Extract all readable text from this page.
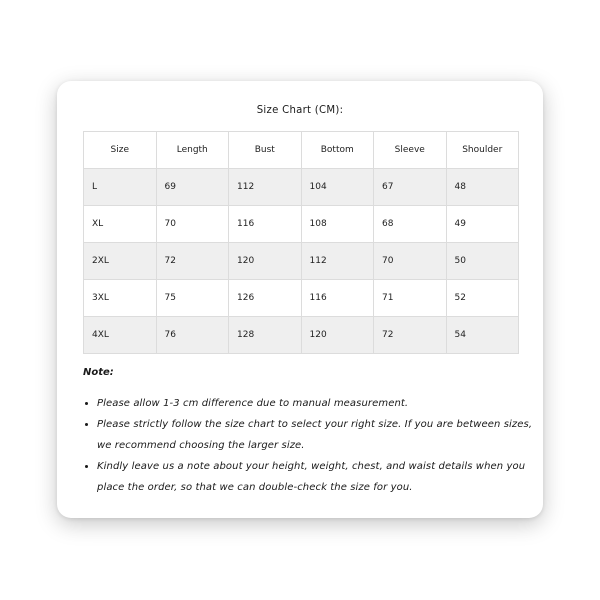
Size Chart (CM):
Size	Length	Bust	Bottom	Sleeve	Shoulder
L	69	112	104	67	48
XL	70	116	108	68	49
2XL	72	120	112	70	50
3XL	75	126	116	71	52
4XL	76	128	120	72	54
Note:
• Please allow 1-3 cm difference due to manual measurement.
• Please strictly follow the size chart to select your right size. If you are between sizes, we recommend choosing the larger size.
• Kindly leave us a note about your height, weight, chest, and waist details when you place the order, so that we can double-check the size for you.
